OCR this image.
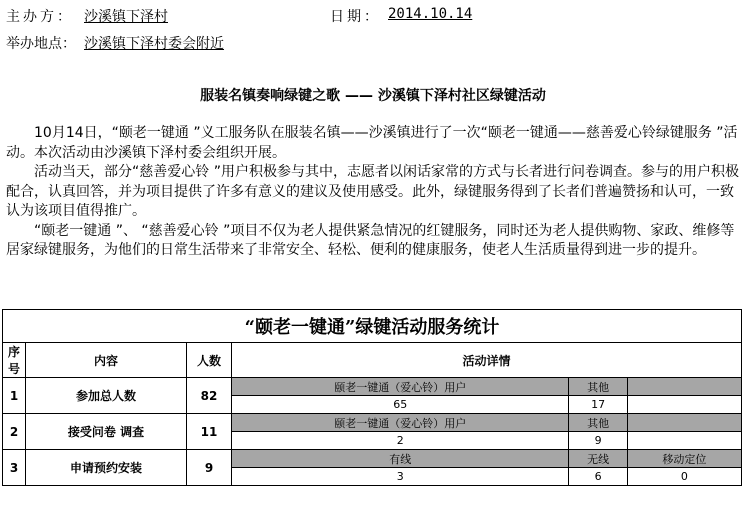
主办方： 沙溪镇下泽村	日期： 2014.10.14
举办地点： 沙溪镇下泽村委会附近
服装名镇奏响绿键之歌 —— 沙溪镇下泽村社区绿键活动

10月14日，“颐老一键通 ”义工服务队在服装名镇——沙溪镇进行了一次“颐老一键通——慈善爱心铃绿键服务 ”活动。本次活动由沙溪镇下泽村委会组织开展。

活动当天，部分“慈善爱心铃 ”用户积极参与其中，志愿者以闲话家常的方式与长者进行问卷调查。参与的用户积极配合，认真回答，并为项目提供了许多有意义的建议及使用感受。此外，绿键服务得到了长者们普遍赞扬和认可，一致认为该项目值得推广。

“颐老一键通 ”、 “慈善爱心铃 ”项目不仅为老人提供紧急情况的红键服务，同时还为老人提供购物、家政、维修等居家绿键服务，为他们的日常生活带来了非常安全、轻松、便利的健康服务，使老人生活质量得到进一步的提升。

“颐老一键通”绿键活动服务统计					
序号	内容	人数	活动详情		
1	参加总人数	82	颐老一键通（爱心铃）用户	其他	
			65	17	
2	接受问卷 调查	11	颐老一键通（爱心铃）用户	其他	
			2	9	
3	申请预约安装	9	有线	无线	移动定位
			3	6	0
